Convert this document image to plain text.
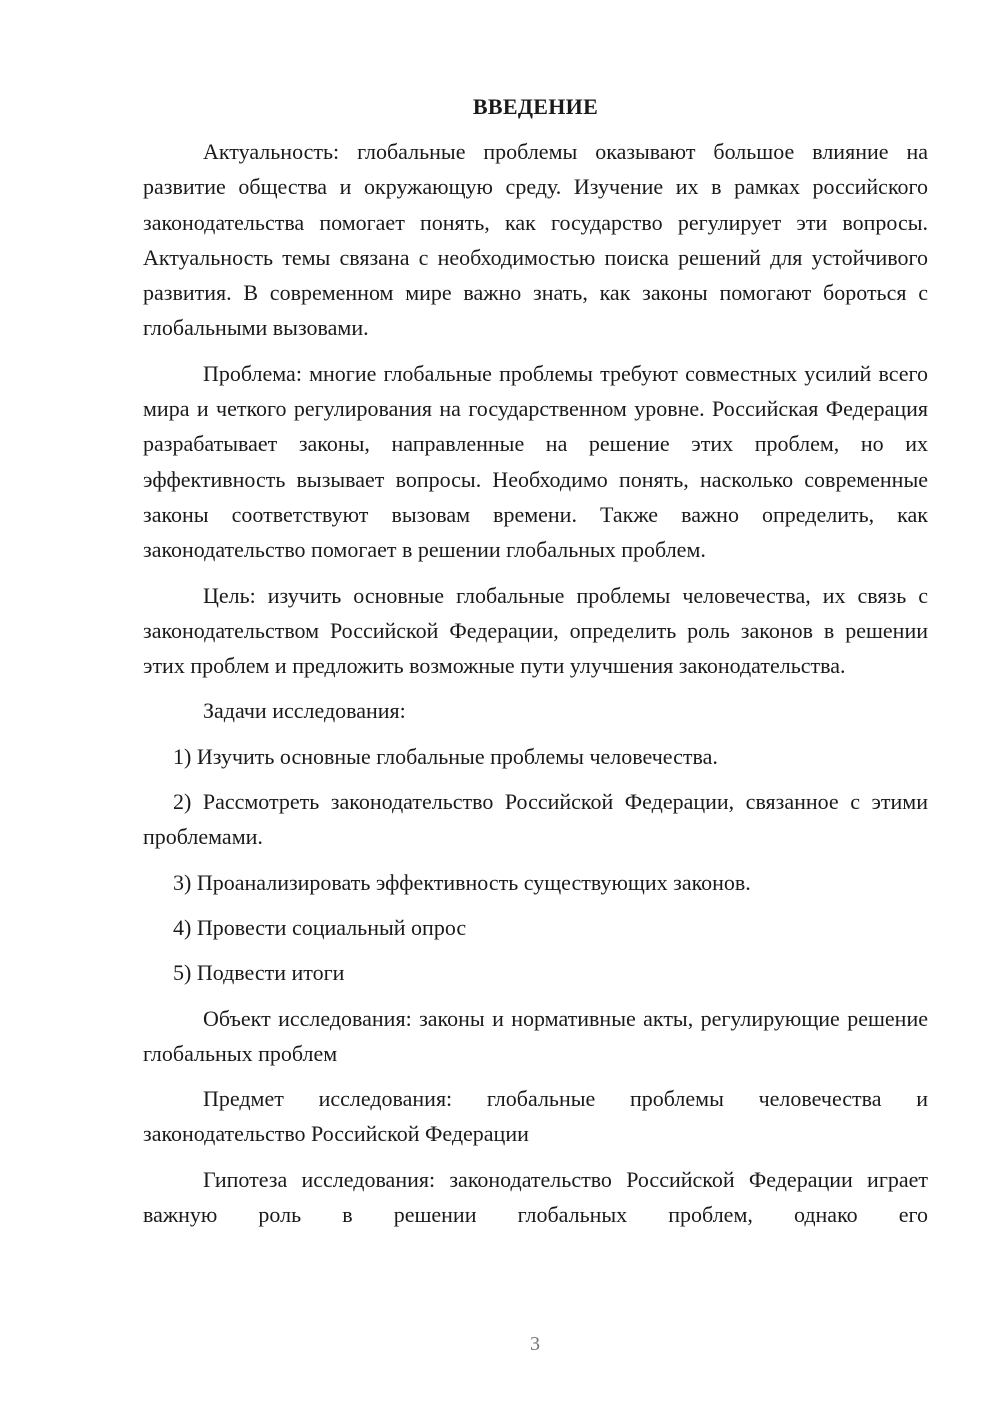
ВВЕДЕНИЕ

Актуальность: глобальные проблемы оказывают большое влияние на развитие общества и окружающую среду. Изучение их в рамках российского законодательства помогает понять, как государство регулирует эти вопросы. Актуальность темы связана с необходимостью поиска решений для устойчивого развития. В современном мире важно знать, как законы помогают бороться с глобальными вызовами.

Проблема: многие глобальные проблемы требуют совместных усилий всего мира и четкого регулирования на государственном уровне. Российская Федерация разрабатывает законы, направленные на решение этих проблем, но их эффективность вызывает вопросы. Необходимо понять, насколько современные законы соответствуют вызовам времени. Также важно определить, как законодательство помогает в решении глобальных проблем.

Цель: изучить основные глобальные проблемы человечества, их связь с законодательством Российской Федерации, определить роль законов в решении этих проблем и предложить возможные пути улучшения законодательства.

Задачи исследования:

1) Изучить основные глобальные проблемы человечества.

2) Рассмотреть законодательство Российской Федерации, связанное с этими проблемами.

3) Проанализировать эффективность существующих законов.

4) Провести социальный опрос

5) Подвести итоги

Объект исследования: законы и нормативные акты, регулирующие решение глобальных проблем

Предмет исследования: глобальные проблемы человечества и законодательство Российской Федерации

Гипотеза исследования: законодательство Российской Федерации играет важную роль в решении глобальных проблем, однако его

3
